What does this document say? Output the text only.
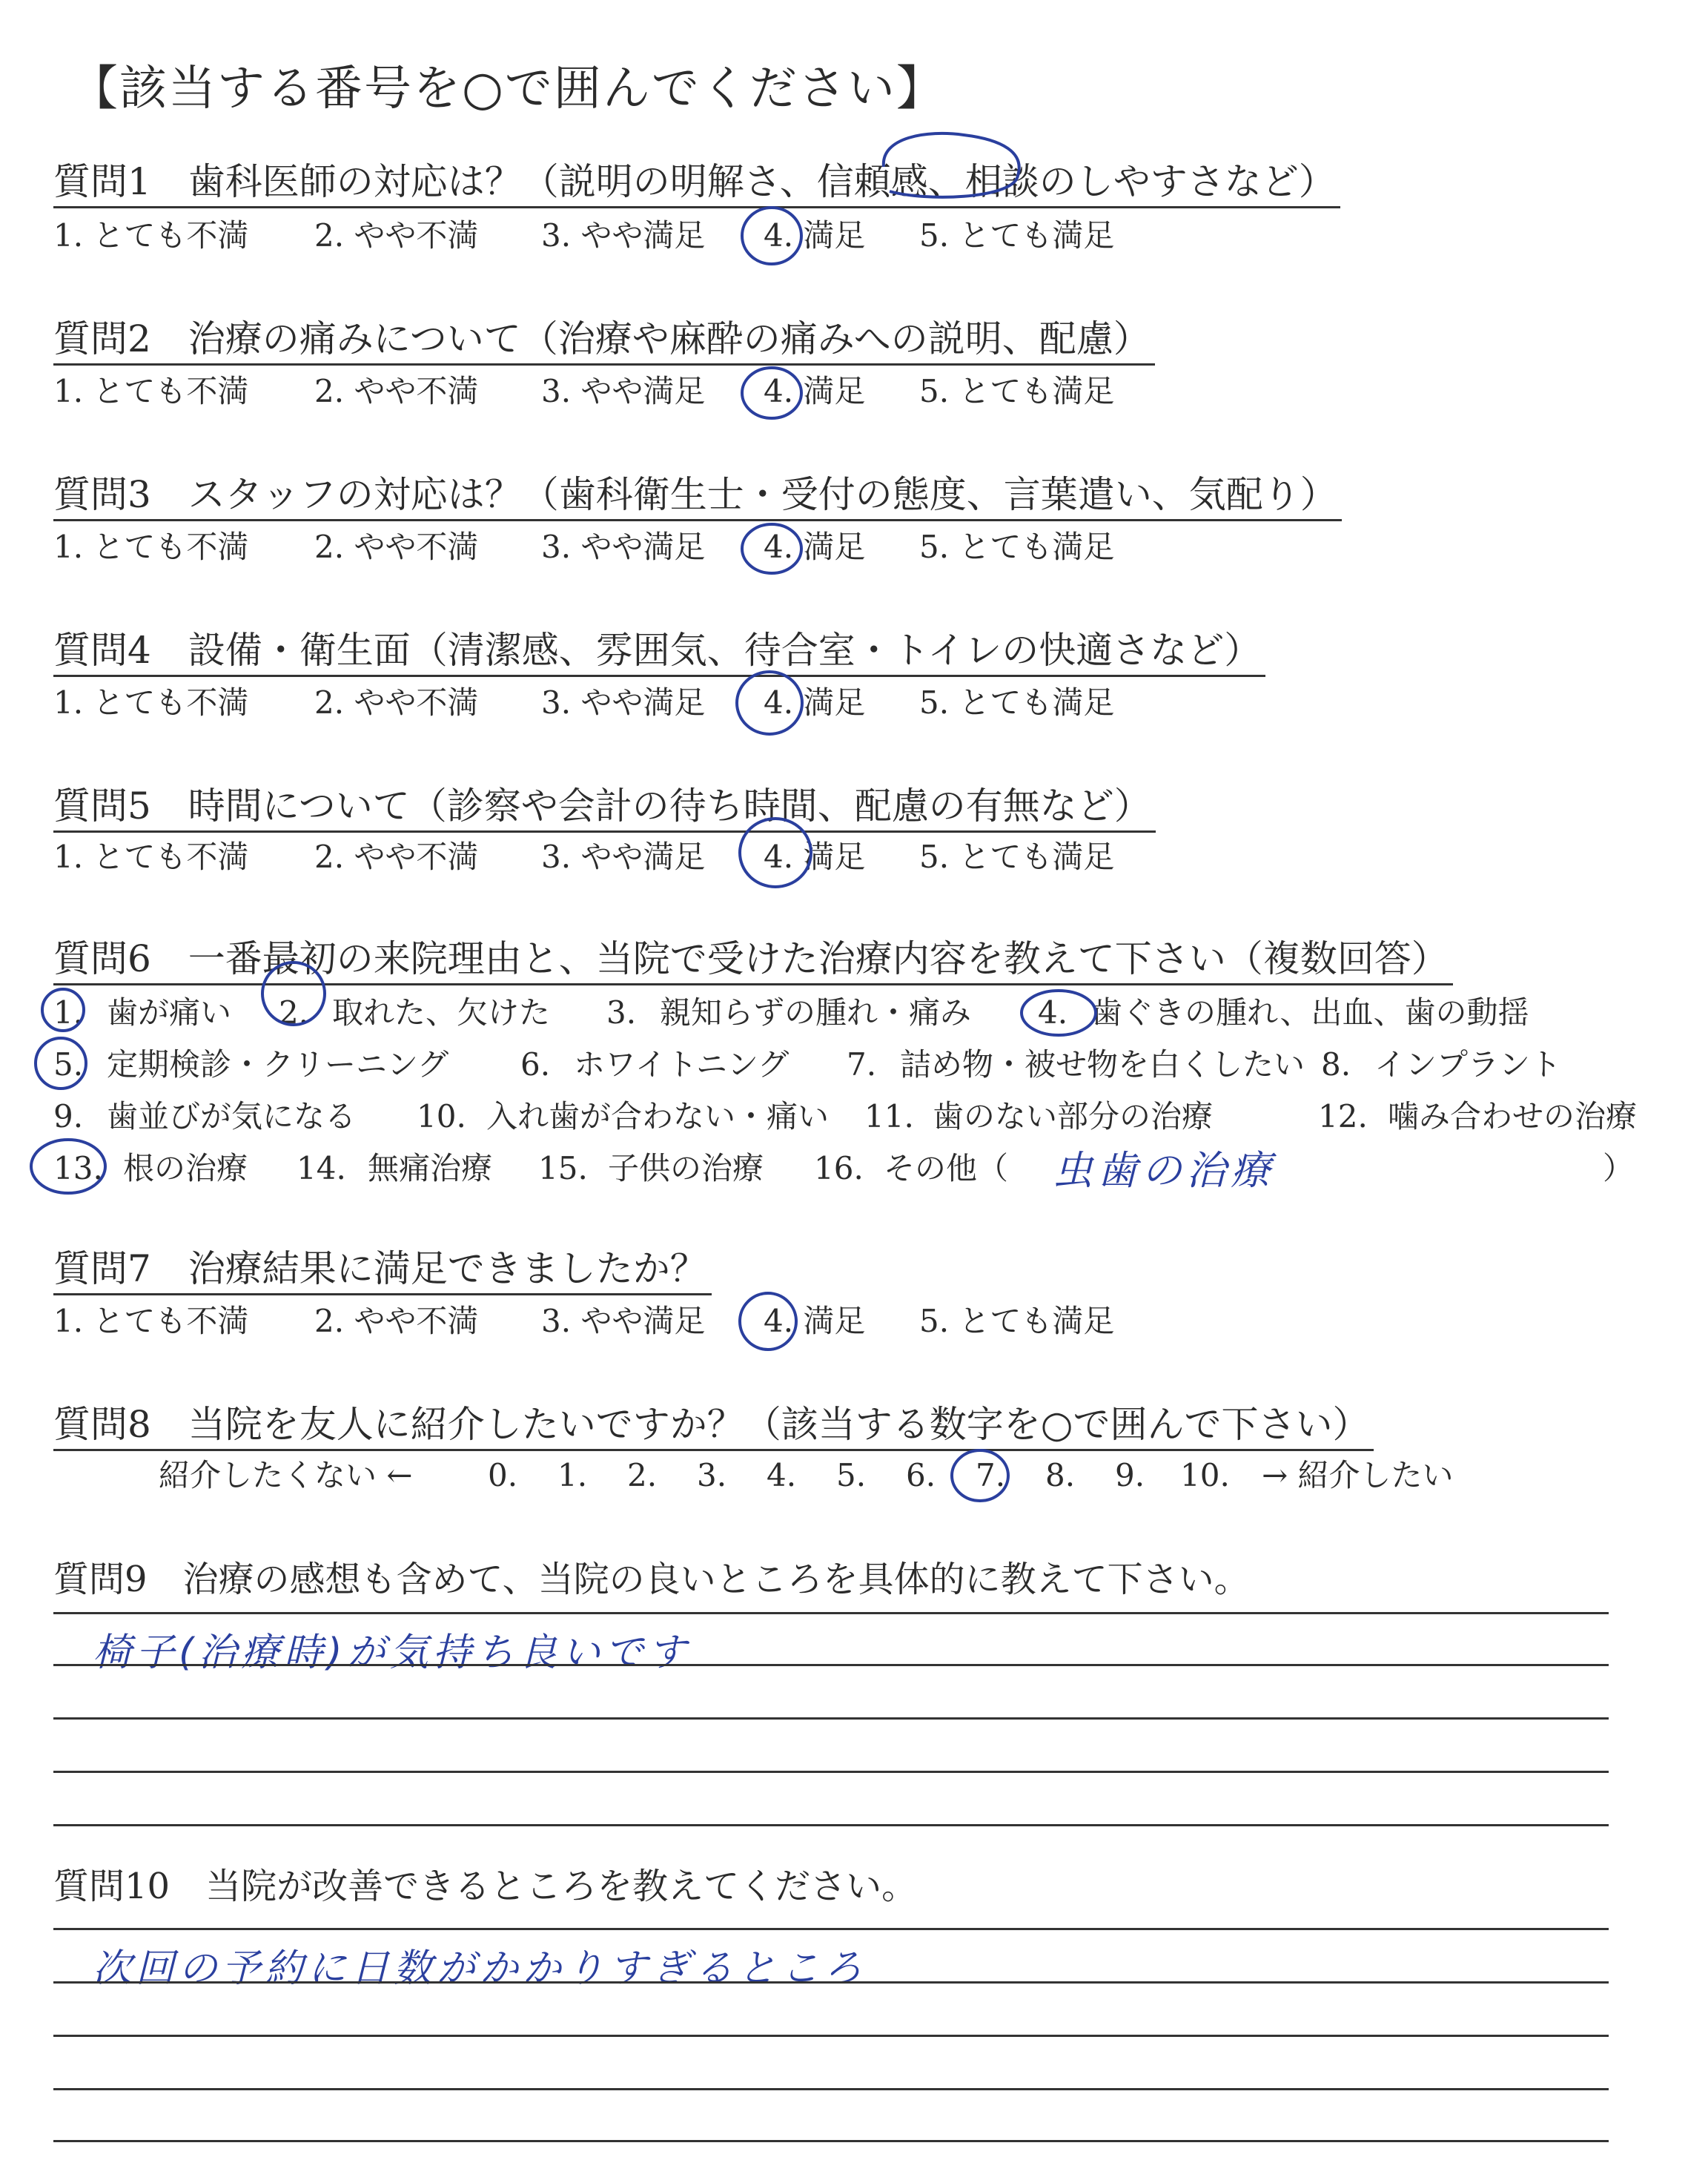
【該当する番号を○で囲んでください】
質問1　歯科医師の対応は？（説明の明解さ、信頼感、相談のしやすさなど）
1. とても不満 2. やや不満 3. やや満足 4. 満足 5. とても満足
質問2　治療の痛みについて（治療や麻酔の痛みへの説明、配慮）
1. とても不満 2. やや不満 3. やや満足 4. 満足 5. とても満足
質問3　スタッフの対応は？（歯科衛生士・受付の態度、言葉遣い、気配り）
1. とても不満 2. やや不満 3. やや満足 4. 満足 5. とても満足
質問4　設備・衛生面（清潔感、雰囲気、待合室・トイレの快適さなど）
1. とても不満 2. やや不満 3. やや満足 4. 満足 5. とても満足
質問5　時間について（診察や会計の待ち時間、配慮の有無など）
1. とても不満 2. やや不満 3. やや満足 4. 満足 5. とても満足
質問6　一番最初の来院理由と、当院で受けた治療内容を教えて下さい（複数回答）
1. 歯が痛い 2. 取れた、欠けた 3. 親知らずの腫れ・痛み 4. 歯ぐきの腫れ、出血、歯の動揺
5. 定期検診・クリーニング 6. ホワイトニング 7. 詰め物・被せ物を白くしたい 8. インプラント
9. 歯並びが気になる 10. 入れ歯が合わない・痛い 11. 歯のない部分の治療	12. 噛み合わせの治療
13. 根の治療 14. 無痛治療 15. 子供の治療 16. その他（	）
虫歯の治療
質問7　治療結果に満足できましたか？
1. とても不満 2. やや不満 3. やや満足 4. 満足 5. とても満足
質問8　当院を友人に紹介したいですか？（該当する数字を○で囲んで下さい）
紹介したくない ← 0. 1. 2. 3. 4. 5. 6. 7. 8. 9. 10. → 紹介したい
質問9　治療の感想も含めて、当院の良いところを具体的に教えて下さい。
椅子(治療時)が気持ち良いです
質問10　当院が改善できるところを教えてください。
次回の予約に日数がかかりすぎるところ
